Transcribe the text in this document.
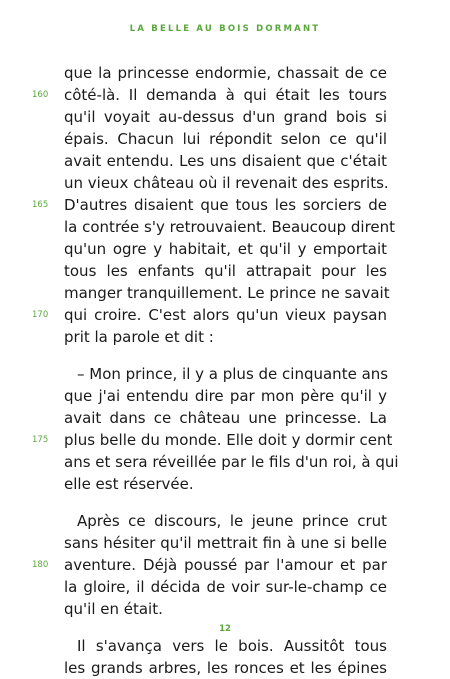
LA BELLE AU BOIS DORMANT
que la princesse endormie, chassait de ce
160	côté-là. Il demanda à qui était les tours
qu'il voyait au-dessus d'un grand bois si
épais. Chacun lui répondit selon ce qu'il
avait entendu. Les uns disaient que c'était
un vieux château où il revenait des esprits.
165	D'autres disaient que tous les sorciers de
la contrée s'y retrouvaient. Beaucoup dirent
qu'un ogre y habitait, et qu'il y emportait
tous les enfants qu'il attrapait pour les
manger tranquillement. Le prince ne savait
170	qui croire. C'est alors qu'un vieux paysan
prit la parole et dit :
– Mon prince, il y a plus de cinquante ans
que j'ai entendu dire par mon père qu'il y
avait dans ce château une princesse. La
175	plus belle du monde. Elle doit y dormir cent
ans et sera réveillée par le fils d'un roi, à qui
elle est réservée.
Après ce discours, le jeune prince crut
sans hésiter qu'il mettrait fin à une si belle
180	aventure. Déjà poussé par l'amour et par
la gloire, il décida de voir sur-le-champ ce
qu'il en était.
Il s'avança vers le bois. Aussitôt tous
les grands arbres, les ronces et les épines
12
